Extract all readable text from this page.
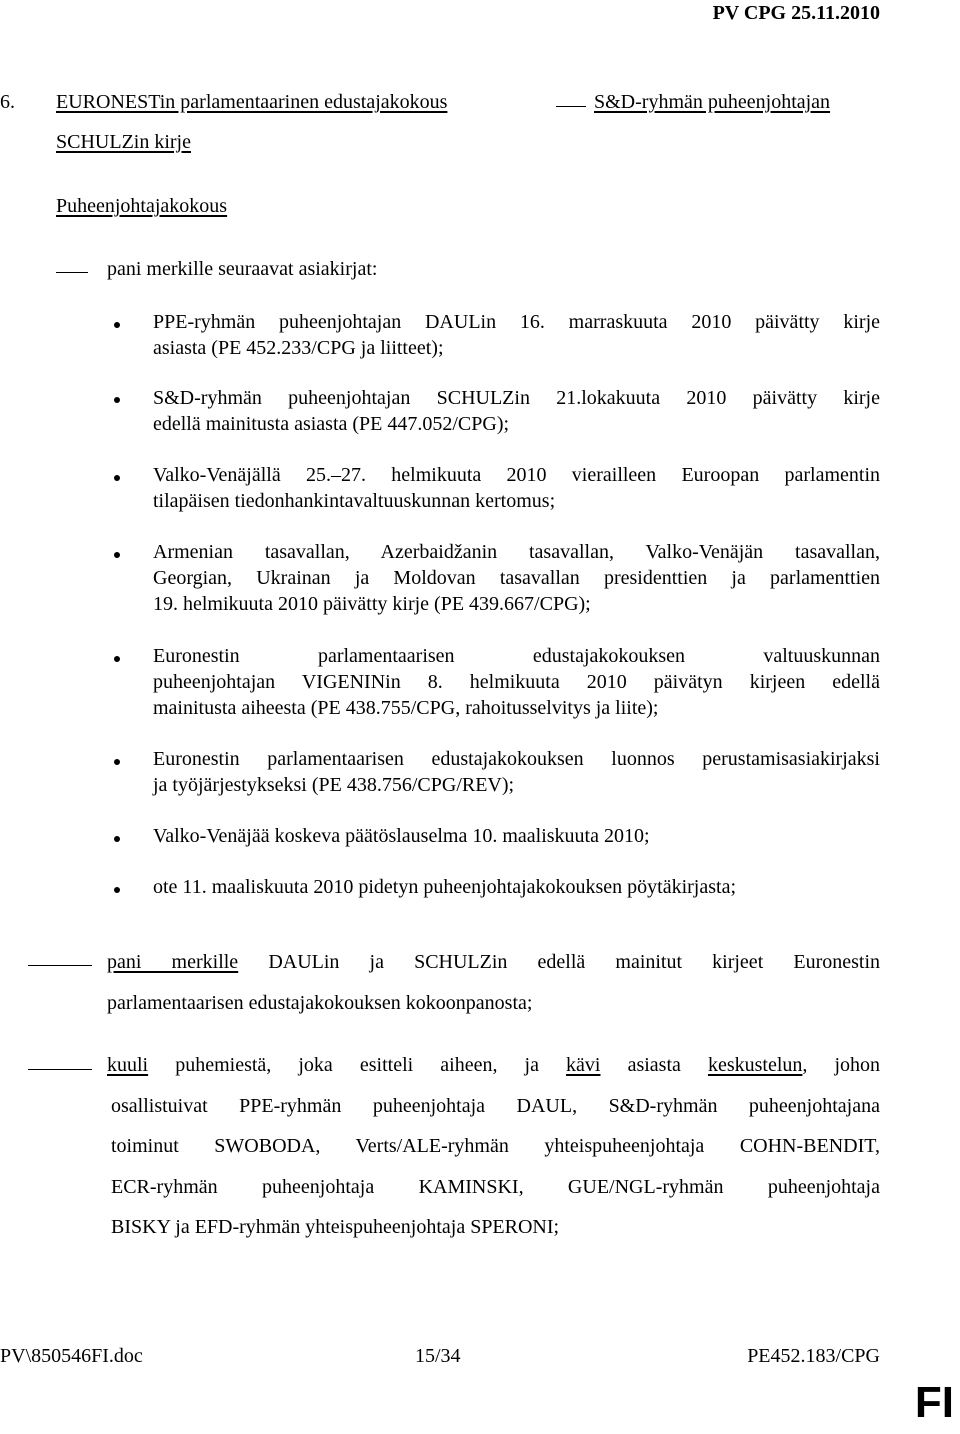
PV CPG 25.11.2010
6. EURONESTin parlamentaarinen edustajakokous	S&D-ryhmän puheenjohtajan
SCHULZin kirje
Puheenjohtajakokous
pani merkille seuraavat asiakirjat:
PPE-ryhmän puheenjohtajan DAULin 16. marraskuuta 2010 päivätty kirje
asiasta (PE 452.233/CPG ja liitteet);
S&D-ryhmän puheenjohtajan SCHULZin 21.lokakuuta 2010 päivätty kirje
edellä mainitusta asiasta (PE 447.052/CPG);
Valko-Venäjällä 25.–27. helmikuuta 2010 vierailleen Euroopan parlamentin
tilapäisen tiedonhankintavaltuuskunnan kertomus;
Armenian tasavallan, Azerbaidžanin tasavallan, Valko-Venäjän tasavallan,
Georgian, Ukrainan ja Moldovan tasavallan presidenttien ja parlamenttien
19. helmikuuta 2010 päivätty kirje (PE 439.667/CPG);
Euronestin parlamentaarisen edustajakokouksen valtuuskunnan
puheenjohtajan VIGENINin 8. helmikuuta 2010 päivätyn kirjeen edellä
mainitusta aiheesta (PE 438.755/CPG, rahoitusselvitys ja liite);
Euronestin parlamentaarisen edustajakokouksen luonnos perustamisasiakirjaksi
ja työjärjestykseksi (PE 438.756/CPG/REV);
Valko-Venäjää koskeva päätöslauselma 10. maaliskuuta 2010;
ote 11. maaliskuuta 2010 pidetyn puheenjohtajakokouksen pöytäkirjasta;
pani merkille DAULin ja SCHULZin edellä mainitut kirjeet Euronestin
parlamentaarisen edustajakokouksen kokoonpanosta;
kuuli puhemiestä, joka esitteli aiheen, ja kävi asiasta keskustelun, johon
osallistuivat PPE-ryhmän puheenjohtaja DAUL, S&D-ryhmän puheenjohtajana
toiminut SWOBODA, Verts/ALE-ryhmän yhteispuheenjohtaja COHN-BENDIT,
ECR-ryhmän puheenjohtaja KAMINSKI, GUE/NGL-ryhmän puheenjohtaja
BISKY ja EFD-ryhmän yhteispuheenjohtaja SPERONI;
PV\850546FI.doc	15/34	PE452.183/CPG
FI
